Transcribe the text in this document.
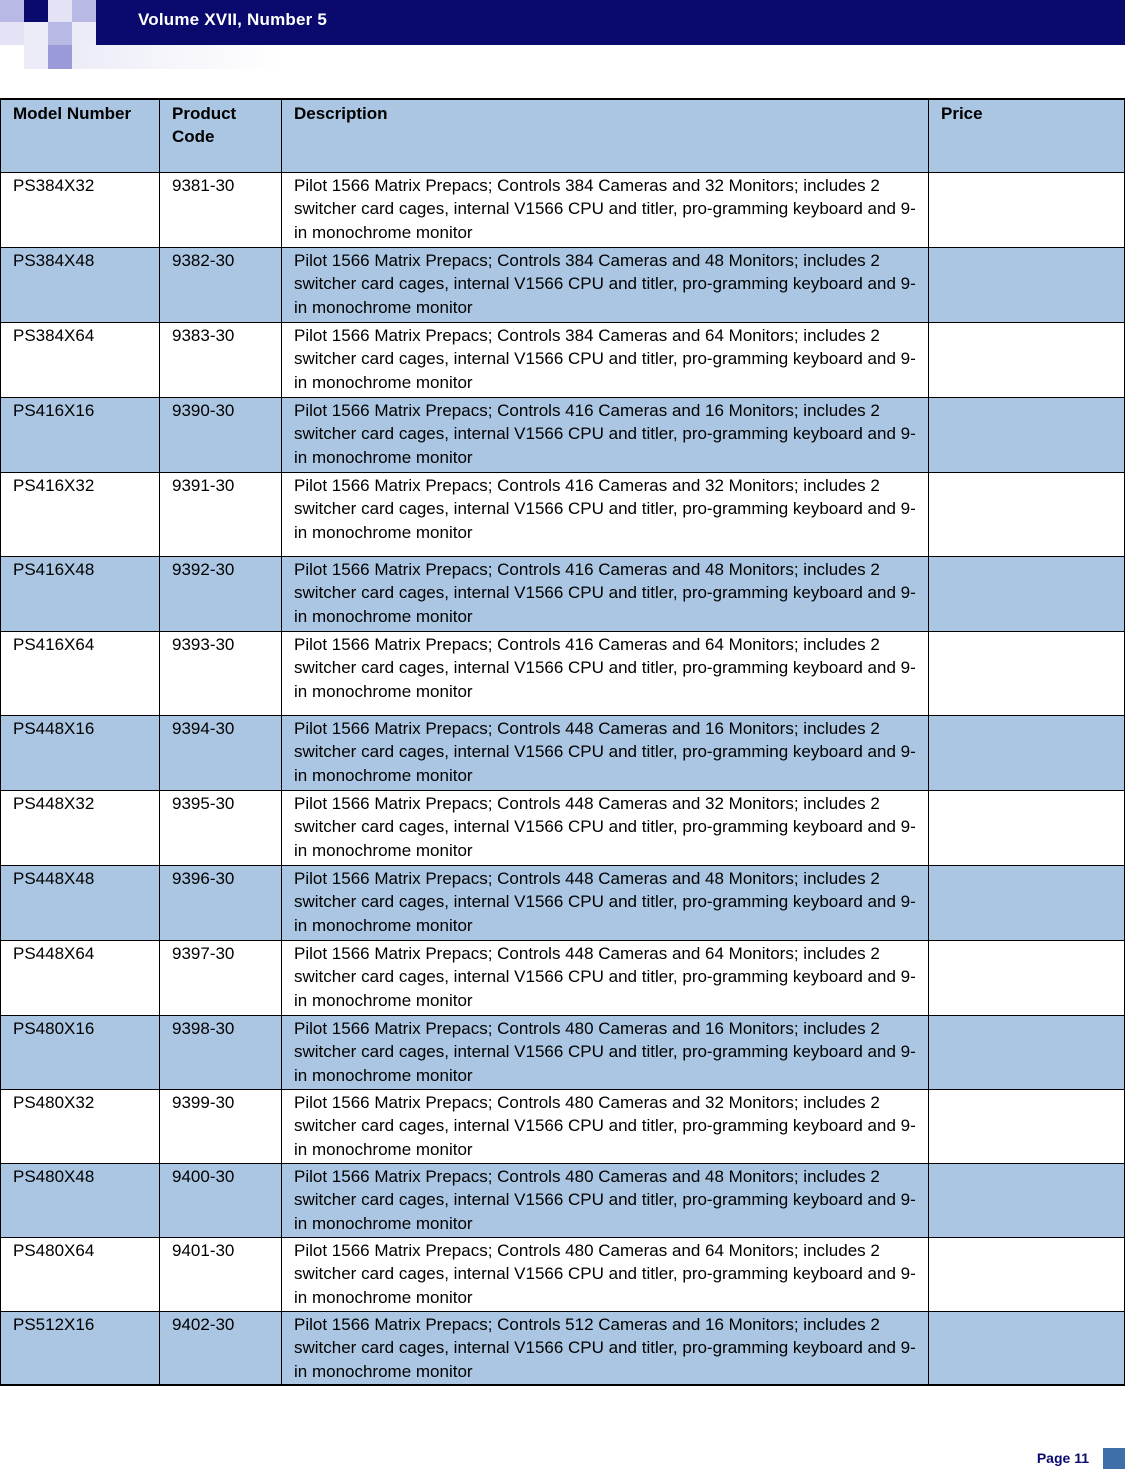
Volume XVII, Number 5
Model Number	Product Code	Description	Price
PS384X32	9381-30	Pilot 1566 Matrix Prepacs; Controls 384 Cameras and 32 Monitors; includes 2 switcher card cages, internal V1566 CPU and titler, pro-gramming keyboard and 9-in monochrome monitor	
PS384X48	9382-30	Pilot 1566 Matrix Prepacs; Controls 384 Cameras and 48 Monitors; includes 2 switcher card cages, internal V1566 CPU and titler, pro-gramming keyboard and 9-in monochrome monitor	
PS384X64	9383-30	Pilot 1566 Matrix Prepacs; Controls 384 Cameras and 64 Monitors; includes 2 switcher card cages, internal V1566 CPU and titler, pro-gramming keyboard and 9-in monochrome monitor	
PS416X16	9390-30	Pilot 1566 Matrix Prepacs; Controls 416 Cameras and 16 Monitors; includes 2 switcher card cages, internal V1566 CPU and titler, pro-gramming keyboard and 9-in monochrome monitor	
PS416X32	9391-30	Pilot 1566 Matrix Prepacs; Controls 416 Cameras and 32 Monitors; includes 2 switcher card cages, internal V1566 CPU and titler, pro-gramming keyboard and 9-in monochrome monitor	
PS416X48	9392-30	Pilot 1566 Matrix Prepacs; Controls 416 Cameras and 48 Monitors; includes 2 switcher card cages, internal V1566 CPU and titler, pro-gramming keyboard and 9-in monochrome monitor	
PS416X64	9393-30	Pilot 1566 Matrix Prepacs; Controls 416 Cameras and 64 Monitors; includes 2 switcher card cages, internal V1566 CPU and titler, pro-gramming keyboard and 9-in monochrome monitor	
PS448X16	9394-30	Pilot 1566 Matrix Prepacs; Controls 448 Cameras and 16 Monitors; includes 2 switcher card cages, internal V1566 CPU and titler, pro-gramming keyboard and 9-in monochrome monitor	
PS448X32	9395-30	Pilot 1566 Matrix Prepacs; Controls 448 Cameras and 32 Monitors; includes 2 switcher card cages, internal V1566 CPU and titler, pro-gramming keyboard and 9-in monochrome monitor	
PS448X48	9396-30	Pilot 1566 Matrix Prepacs; Controls 448 Cameras and 48 Monitors; includes 2 switcher card cages, internal V1566 CPU and titler, pro-gramming keyboard and 9-in monochrome monitor	
PS448X64	9397-30	Pilot 1566 Matrix Prepacs; Controls 448 Cameras and 64 Monitors; includes 2 switcher card cages, internal V1566 CPU and titler, pro-gramming keyboard and 9-in monochrome monitor	
PS480X16	9398-30	Pilot 1566 Matrix Prepacs; Controls 480 Cameras and 16 Monitors; includes 2 switcher card cages, internal V1566 CPU and titler, pro-gramming keyboard and 9-in monochrome monitor	
PS480X32	9399-30	Pilot 1566 Matrix Prepacs; Controls 480 Cameras and 32 Monitors; includes 2 switcher card cages, internal V1566 CPU and titler, pro-gramming keyboard and 9-in monochrome monitor	
PS480X48	9400-30	Pilot 1566 Matrix Prepacs; Controls 480 Cameras and 48 Monitors; includes 2 switcher card cages, internal V1566 CPU and titler, pro-gramming keyboard and 9-in monochrome monitor	
PS480X64	9401-30	Pilot 1566 Matrix Prepacs; Controls 480 Cameras and 64 Monitors; includes 2 switcher card cages, internal V1566 CPU and titler, pro-gramming keyboard and 9-in monochrome monitor	
PS512X16	9402-30	Pilot 1566 Matrix Prepacs; Controls 512 Cameras and 16 Monitors; includes 2 switcher card cages, internal V1566 CPU and titler, pro-gramming keyboard and 9-in monochrome monitor	
Page 11
